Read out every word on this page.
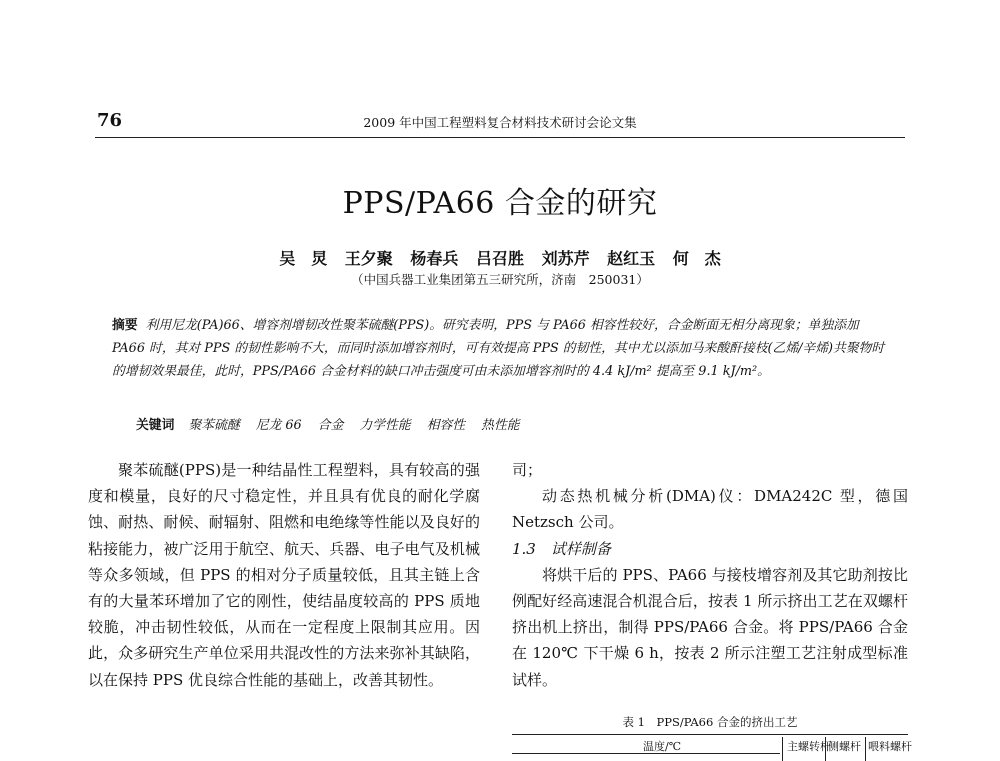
76	2009 年中国工程塑料复合材料技术研讨会论文集
PPS/PA66 合金的研究
吴　炅 王夕聚 杨春兵 吕召胜 刘苏芹 赵红玉 何　杰
（中国兵器工业集团第五三研究所，济南　250031）
摘要 利用尼龙(PA)66、增容剂增韧改性聚苯硫醚(PPS)。研究表明，PPS 与 PA66 相容性较好，合金断面无相分离现象；单独添加 PA66 时，其对 PPS 的韧性影响不大，而同时添加增容剂时，可有效提高 PPS 的韧性，其中尤以添加马来酸酐接枝(乙烯/辛烯)共聚物时的增韧效果最佳，此时，PPS/PA66 合金材料的缺口冲击强度可由未添加增容剂时的 4.4 kJ/m² 提高至 9.1 kJ/m²。
关键词 聚苯硫醚 尼龙 66 合金 力学性能 相容性 热性能

聚苯硫醚(PPS)是一种结晶性工程塑料，具有较高的强度和模量，良好的尺寸稳定性，并且具有优良的耐化学腐蚀、耐热、耐候、耐辐射、阻燃和电绝缘等性能以及良好的粘接能力，被广泛用于航空、航天、兵器、电子电气及机械等众多领域，但 PPS 的相对分子质量较低，且其主链上含有的大量苯环增加了它的刚性，使结晶度较高的 PPS 质地较脆，冲击韧性较低，从而在一定程度上限制其应用。因此，众多研究生产单位采用共混改性的方法来弥补其缺陷，以在保持 PPS 优良综合性能的基础上，改善其韧性。

司；

动态热机械分析(DMA)仪：DMA242C 型，德国 Netzsch 公司。

1.3　试样制备

将烘干后的 PPS、PA66 与接枝增容剂及其它助剂按比例配好经高速混合机混合后，按表 1 所示挤出工艺在双螺杆挤出机上挤出，制得 PPS/PA66 合金。将 PPS/PA66 合金在 120℃ 下干燥 6 h，按表 2 所示注塑工艺注射成型标准试样。

表 1　PPS/PA66 合金的挤出工艺
温度/℃	主螺转杆
侧螺杆 喂料螺杆
